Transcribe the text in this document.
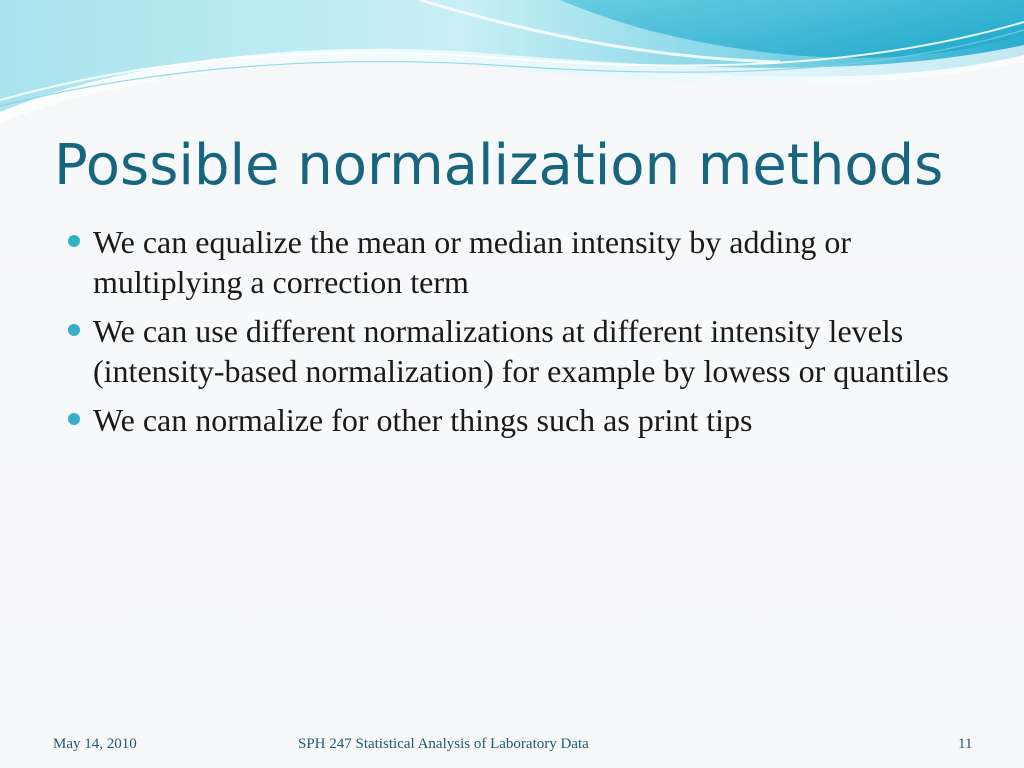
Possible normalization methods
We can equalize the mean or median intensity by adding or multiplying a correction term
We can use different normalizations at different intensity levels (intensity-based normalization) for example by lowess or quantiles
We can normalize for other things such as print tips
May 14, 2010	SPH 247 Statistical Analysis of Laboratory Data	11
